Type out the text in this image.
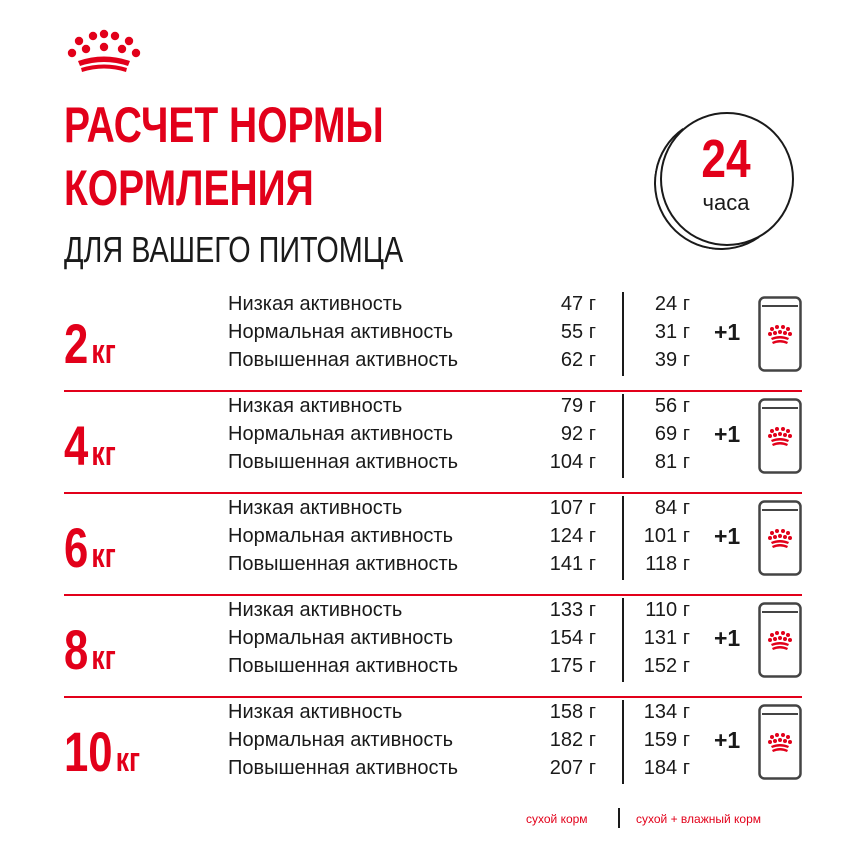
РАСЧЕТ НОРМЫ
КОРМЛЕНИЯ
ДЛЯ ВАШЕГО ПИТОМЦА
24
часа
2кг
Низкая активность	47 г	24 г
Нормальная активность	55 г	31 г
Повышенная активность	62 г	39 г
+1
4кг
Низкая активность	79 г	56 г
Нормальная активность	92 г	69 г
Повышенная активность	104 г	81 г
+1
6кг
Низкая активность	107 г	84 г
Нормальная активность	124 г 101 г
Повышенная активность	141 г 118 г
+1
8кг
Низкая активность	133 г 110 г
Нормальная активность	154 г 131 г
Повышенная активность	175 г 152 г
+1
10кг
Низкая активность	158 г 134 г
Нормальная активность	182 г 159 г
Повышенная активность	207 г 184 г
+1
сухой корм	сухой + влажный корм
